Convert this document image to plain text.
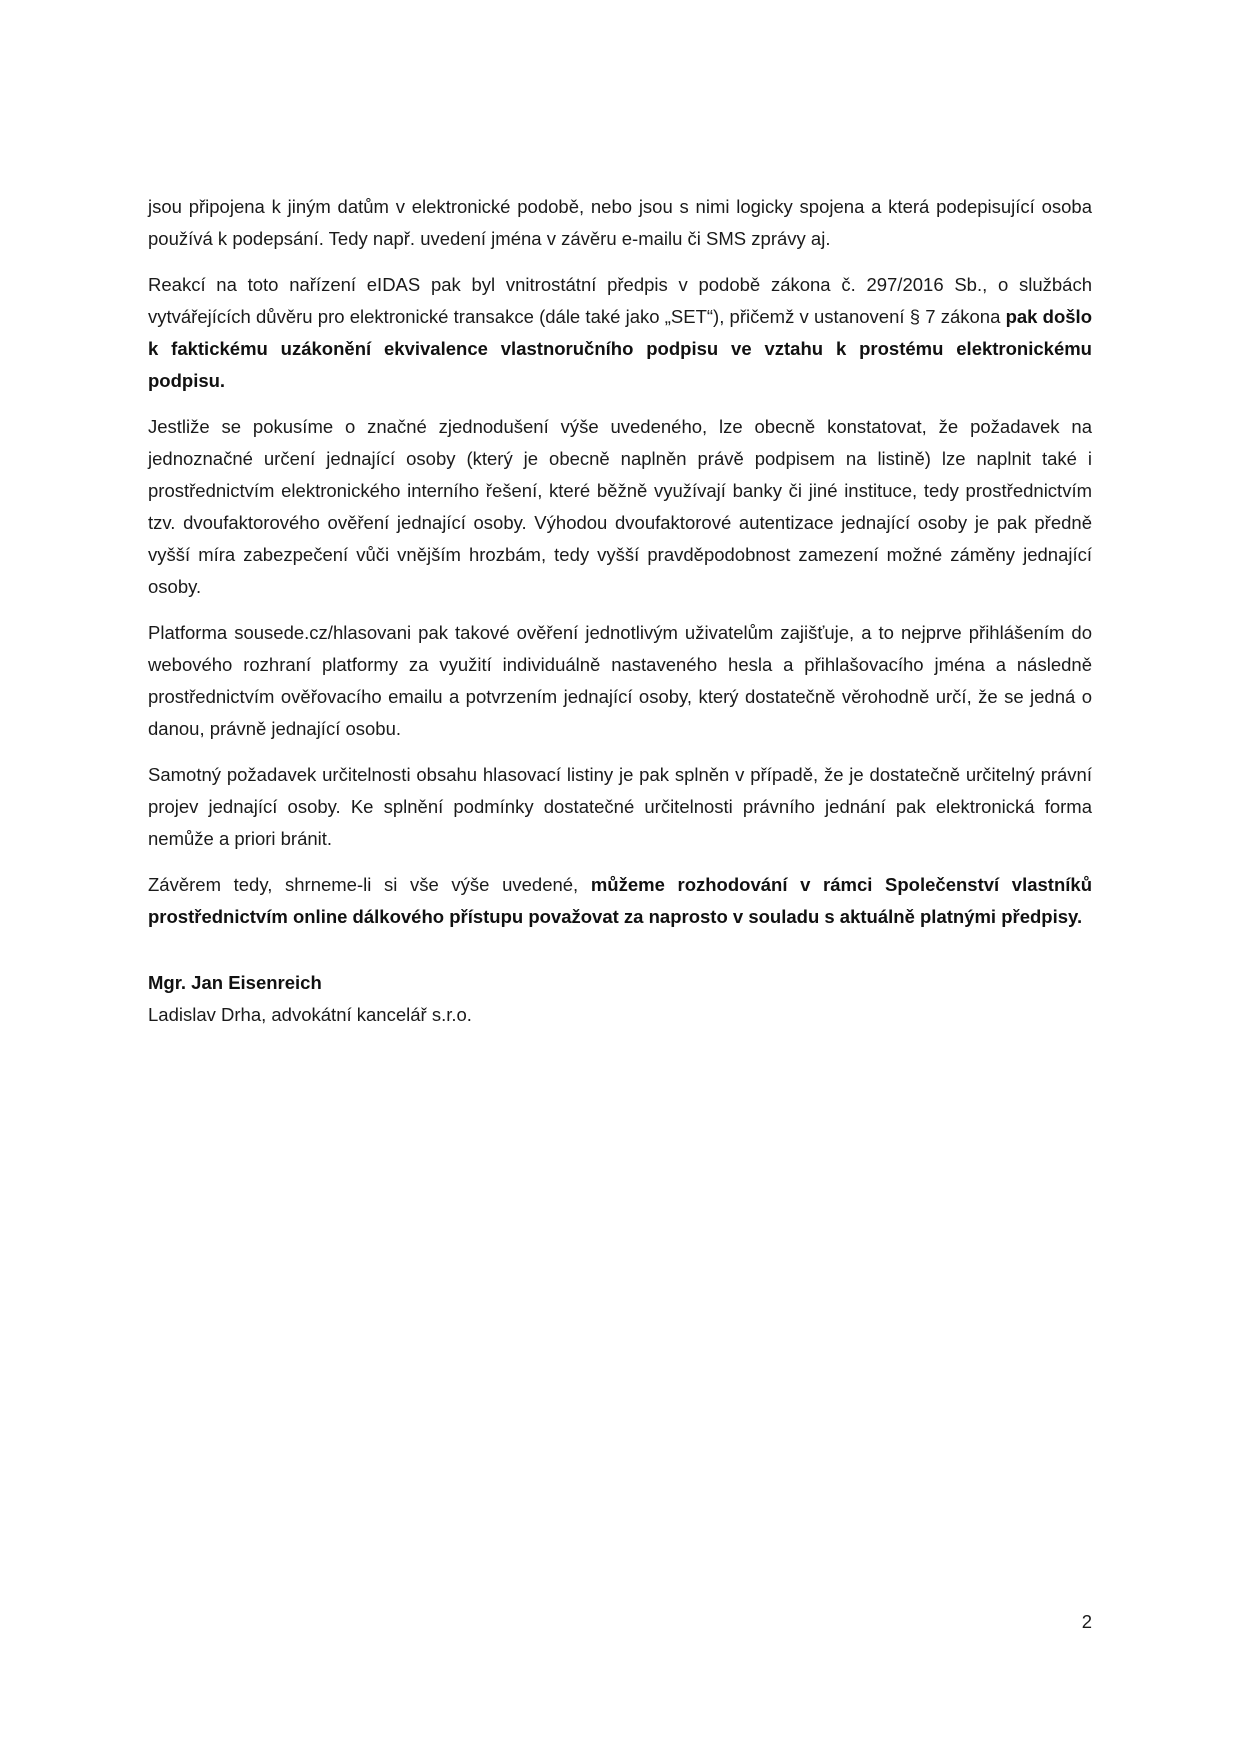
jsou připojena k jiným datům v elektronické podobě, nebo jsou s nimi logicky spojena a která podepisující osoba používá k podepsání. Tedy např. uvedení jména v závěru e-mailu či SMS zprávy aj.

Reakcí na toto nařízení eIDAS pak byl vnitrostátní předpis v podobě zákona č. 297/2016 Sb., o službách vytvářejících důvěru pro elektronické transakce (dále také jako „SET“), přičemž v ustanovení § 7 zákona pak došlo k faktickému uzákonění ekvivalence vlastnoručního podpisu ve vztahu k prostému elektronickému podpisu.

Jestliže se pokusíme o značné zjednodušení výše uvedeného, lze obecně konstatovat, že požadavek na jednoznačné určení jednající osoby (který je obecně naplněn právě podpisem na listině) lze naplnit také i prostřednictvím elektronického interního řešení, které běžně využívají banky či jiné instituce, tedy prostřednictvím tzv. dvoufaktorového ověření jednající osoby. Výhodou dvoufaktorové autentizace jednající osoby je pak předně vyšší míra zabezpečení vůči vnějším hrozbám, tedy vyšší pravděpodobnost zamezení možné záměny jednající osoby.

Platforma sousede.cz/hlasovani pak takové ověření jednotlivým uživatelům zajišťuje, a to nejprve přihlášením do webového rozhraní platformy za využití individuálně nastaveného hesla a přihlašovacího jména a následně prostřednictvím ověřovacího emailu a potvrzením jednající osoby, který dostatečně věrohodně určí, že se jedná o danou, právně jednající osobu.

Samotný požadavek určitelnosti obsahu hlasovací listiny je pak splněn v případě, že je dostatečně určitelný právní projev jednající osoby. Ke splnění podmínky dostatečné určitelnosti právního jednání pak elektronická forma nemůže a priori bránit.

Závěrem tedy, shrneme-li si vše výše uvedené, můžeme rozhodování v rámci Společenství vlastníků prostřednictvím online dálkového přístupu považovat za naprosto v souladu s aktuálně platnými předpisy.

Mgr. Jan Eisenreich
Ladislav Drha, advokátní kancelář s.r.o.
2
